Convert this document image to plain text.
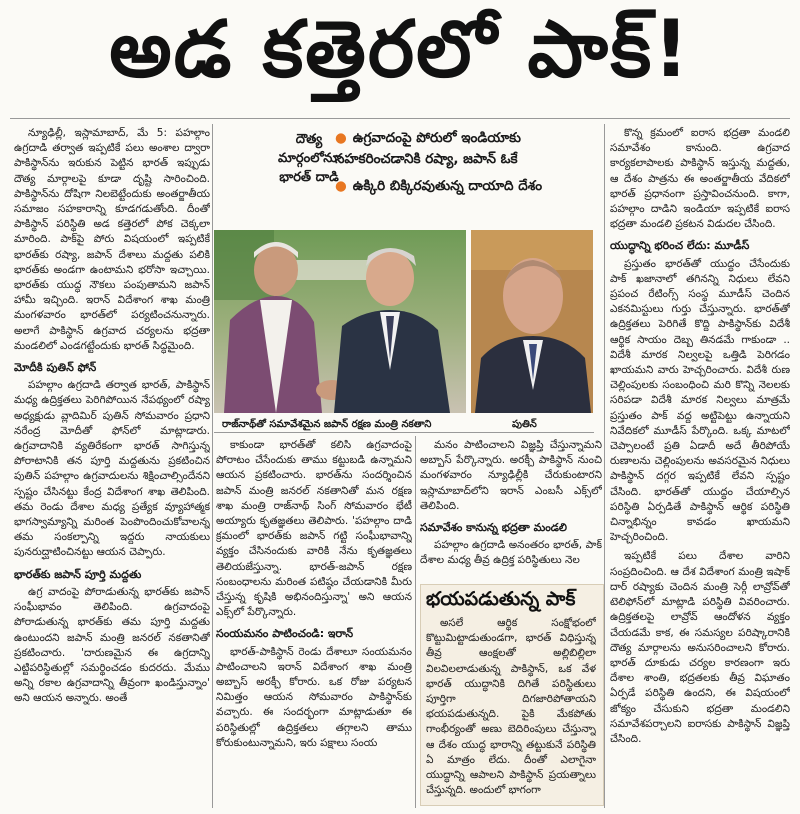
అడ కత్తెరలో పాక్!

న్యూఢిల్లీ, ఇస్లామాబాద్, మే 5: పహల్గాం ఉగ్రదాడి తర్వాత ఇప్పటికే పలు అంశాల ద్వారా పాకిస్థాన్‌ను ఇరుకున పెట్టిన భారత్ ఇప్పుడు దౌత్య మార్గాలపై కూడా దృష్టి సారించింది. పాకిస్థాన్‌ను దోషిగా నిలబెట్టేందుకు అంతర్జాతీయ సమాజం సహకారాన్ని కూడగడుతోంది. దీంతో పాకిస్థాన్ పరిస్థితి అడ కత్తెరలో పోక చెక్కలా మారింది. పాక్‌పై పోరు విషయంలో ఇప్పటికే భారత్‌కు రష్యా, జపాన్ దేశాలు మద్దతు పలికి భారత్‌కు అండగా ఉంటామని భరోసా ఇచ్చాయి. భారత్‌కు యుద్ధ నౌకలు పంపుతామని జపాన్ హామీ ఇచ్చింది. ఇరాన్ విదేశాంగ శాఖ మంత్రి మంగళవారం భారత్‌లో పర్యటించనున్నారు. అలాగే పాకిస్థాన్ ఉగ్రవాద చర్యలను భద్రతా మండలిలో ఎండగట్టేందుకు భారత్ సిద్ధమైంది.

మోదీకి పుతిన్ ఫోన్

పహల్గాం ఉగ్రదాడి తర్వాత భారత్, పాకిస్థాన్ మధ్య ఉద్రిక్తతలు పెరిగిపోయిన నేపథ్యంలో రష్యా అధ్యక్షుడు వ్లాదిమిర్ పుతిన్ సోమవారం ప్రధాని నరేంద్ర మోదీతో ఫోన్‌లో మాట్లాడారు. ఉగ్రవాదానికి వ్యతిరేకంగా భారత్ సాగిస్తున్న పోరాటానికి తన పూర్తి మద్దతును ప్రకటించిన పుతిన్ పహల్గాం ఉగ్రవాదులను శిక్షించాల్సిందేనని స్పష్టం చేసినట్టు కేంద్ర విదేశాంగ శాఖ తెలిపింది. తమ రెండు దేశాల మధ్య ప్రత్యేక వ్యూహాత్మక భాగస్వామ్యాన్ని మరింత పెంపొందించుకోవాలన్న తమ సంకల్పాన్ని ఇద్దరు నాయకులు పునరుద్ఘాటించినట్టు ఆయన చెప్పారు.

భారత్‌కు జపాన్ పూర్తి మద్దతు

ఉగ్ర వాదంపై పోరాడుతున్న భారత్‌కు జపాన్ సంఘీభావం తెలిపింది. ఉగ్రవాదంపై పోరాడుతున్న భారత్‌కు తమ పూర్తి మద్దతు ఉంటుందని జపాన్ మంత్రి జనరల్ నకతానితో ప్రకటించారు. 'దారుణమైన ఈ ఉగ్రదాన్ని ఎట్టిపరిస్థితుల్లో సమర్థించడం కుదరదు. మేము అన్ని రకాల ఉగ్రవాదాన్ని తీవ్రంగా ఖండిస్తున్నాం' అని ఆయన అన్నారు. అంతే

దౌత్య మార్గంలోనూ భారత్ దాడి
● ఉగ్రవాదంపై పోరులో ఇండియాకు సహకరించడానికి రష్యా, జపాన్ ఓకే
● ఉక్కిరి బిక్కిరవుతున్న దాయాది దేశం
రాజ్‌నాథ్‌తో సమావేశమైన జపాన్ రక్షణ మంత్రి నకతాని	పుతిన్

కాకుండా భారత్‌తో కలిసి ఉగ్రవాదంపై పోరాటం చేసేందుకు తాము కట్టుబడి ఉన్నామని ఆయన ప్రకటించారు. భారత్‌ను సందర్శించిన జపాన్ మంత్రి జనరల్ నకతానితో మన రక్షణ శాఖ మంత్రి రాజ్‌నాథ్ సింగ్ సోమవారం భేటీ అయ్యారు కృతజ్ఞతలు తెలిపారు. 'పహల్గాం దాడి క్రమంలో భారత్‌కు జపాన్ గట్టి సంఘీభావాన్ని వ్యక్తం చేసినందుకు వారికి నేను కృతజ్ఞతలు తెలియజేస్తున్నా. భారత్-జపాన్ రక్షణ సంబంధాలను మరింత పటిష్ఠం చేయడానికి మీరు చేస్తున్న కృషికి అభినందిస్తున్నా' అని ఆయన ఎక్స్‌లో పేర్కొన్నారు.

సంయమనం పాటించండి: ఇరాన్

భారత్-పాకిస్థాన్ రెండు దేశాలూ సంయమనం పాటించాలని ఇరాన్ విదేశాంగ శాఖ మంత్రి అబ్బాస్ అరక్చీ కోరారు. ఒక రోజు పర్యటన నిమిత్తం ఆయన సోమవారం పాకిస్థాన్‌కు వచ్చారు. ఈ సందర్భంగా మాట్లాడుతూ ఈ పరిస్థితుల్లో ఉద్రిక్తతలు తగ్గాలని తాము కోరుకుంటున్నామని, ఇరు పక్షాలు సంయ

మనం పాటించాలని విజ్ఞప్తి చేస్తున్నామని అబ్బాస్ పేర్కొన్నారు. అరక్చీ పాకిస్థాన్ నుంచి మంగళవారం న్యూఢిల్లీకి చేరుకుంటారని ఇస్లామాబాద్‌లోని ఇరాన్ ఎంబసీ ఎక్స్‌లో తెలిపింది.

సమావేశం కానున్న భద్రతా మండలి

పహల్గాం ఉగ్రదాడి అనంతరం భారత్, పాక్ దేశాల మధ్య తీవ్ర ఉద్రిక్త పరిస్థితులు నెల

భయపడుతున్న పాక్

అసలే ఆర్థిక సంక్షోభంలో కొట్టుమిట్టాడుతుండగా, భారత్ విధిస్తున్న తీవ్ర ఆంక్షలతో అల్లిబిల్లిలా విలవిలలాడుతున్న పాకిస్థాన్, ఒక వేళ భారత్ యుద్ధానికి దిగితే పరిస్థితులు పూర్తిగా దిగజారిపోతాయని భయపడుతున్నది. పైకి మేకపోతు గాంభీర్యంతో అణు బెదిరింపులు చేస్తున్నా ఆ దేశం యుద్ధ భారాన్ని తట్టుకునే పరిస్థితి ఏ మాత్రం లేదు. దీంతో ఎలాగైనా యుద్ధాన్ని ఆపాలని పాకిస్థాన్ ప్రయత్నాలు చేస్తున్నది. అందులో భాగంగా

కొన్న క్రమంలో ఐరాస భద్రతా మండలి సమావేశం కానుంది. ఉగ్రవాద కార్యకలాపాలకు పాకిస్థాన్ ఇస్తున్న మద్దతు, ఆ దేశం పాత్రను ఈ అంతర్జాతీయ వేదికలో భారత్ ప్రధానంగా ప్రస్తావించనుంది. కాగా, పహల్గాం దాడిని ఇండియా ఇప్పటికే ఐరాస భద్రతా మండలి ప్రకటన విడుదల చేసింది.

యుద్ధాన్ని భరించ లేదు: మూడీస్

ప్రస్తుతం భారత్‌తో యుద్ధం చేసేందుకు పాక్ ఖజానాలో తగినన్ని నిధులు లేవని ప్రపంచ రేటింగ్స్ సంస్థ మూడీస్ చెందిన ఎకనమిస్టులు గుర్తు చేస్తున్నారు. భారత్‌తో ఉద్రిక్తతలు పెరిగితే కొద్ది పాకిస్థాన్‌కు విదేశీ ఆర్థిక సాయం దెబ్బ తినడమే గాకుండా .. విదేశీ మారక నిల్వలపై ఒత్తిడి పెరిగడం ఖాయమని వారు హెచ్చరించారు. విదేశీ రుణ చెల్లింపులకు సంబంధించి మరి కొన్ని నెలలకు సరిపడా విదేశీ మారక నిల్వలు మాత్రమే ప్రస్తుతం పాక్ వద్ద అట్టిపెట్టు ఉన్నాయని నివేదికలో మూడీస్ పేర్కొంది. ఒక్క మాటలో చెప్పాలంటే ప్రతి ఏడాదీ అదే తీరిపోయే రుణాలను చెల్లింపులను అవసరమైన నిధులు పాకిస్థాన్ దగ్గర ఇప్పటికే లేవని స్పష్టం చేసింది. భారత్‌తో యుద్ధం చేయాల్సిన పరిస్థితి ఏర్పడితే పాకిస్థాన్ ఆర్థిక పరిస్థితి చిన్నాభిన్నం కావడం ఖాయమని హెచ్చరించింది.

ఇప్పటికే పలు దేశాల వారిని సంప్రదించింది. ఆ దేశ విదేశాంగ మంత్రి ఇషాక్ దార్ రష్యాకు చెందిన మంత్రి సెర్గీ లావ్రోవ్‌తో టెలిఫోన్‌లో మాట్లాడి పరిస్థితి వివరించారు. ఉద్రిక్తతలపై లావ్రోవ్ ఆందోళన వ్యక్తం చేయడమే కాక, ఈ సమస్యల పరిష్కారానికి దౌత్య మార్గాలను అనుసరించాలని కోరారు. భారత్ దూకుడు చర్యల కారణంగా ఇరు దేశాల శాంతి, భద్రతలకు తీవ్ర విఘాతం ఏర్పడే పరిస్థితి ఉందని, ఈ విషయంలో జోక్యం చేసుకుని భద్రతా మండలిని సమావేశపర్చాలని ఐరాసకు పాకిస్థాన్ విజ్ఞప్తి చేసింది.
